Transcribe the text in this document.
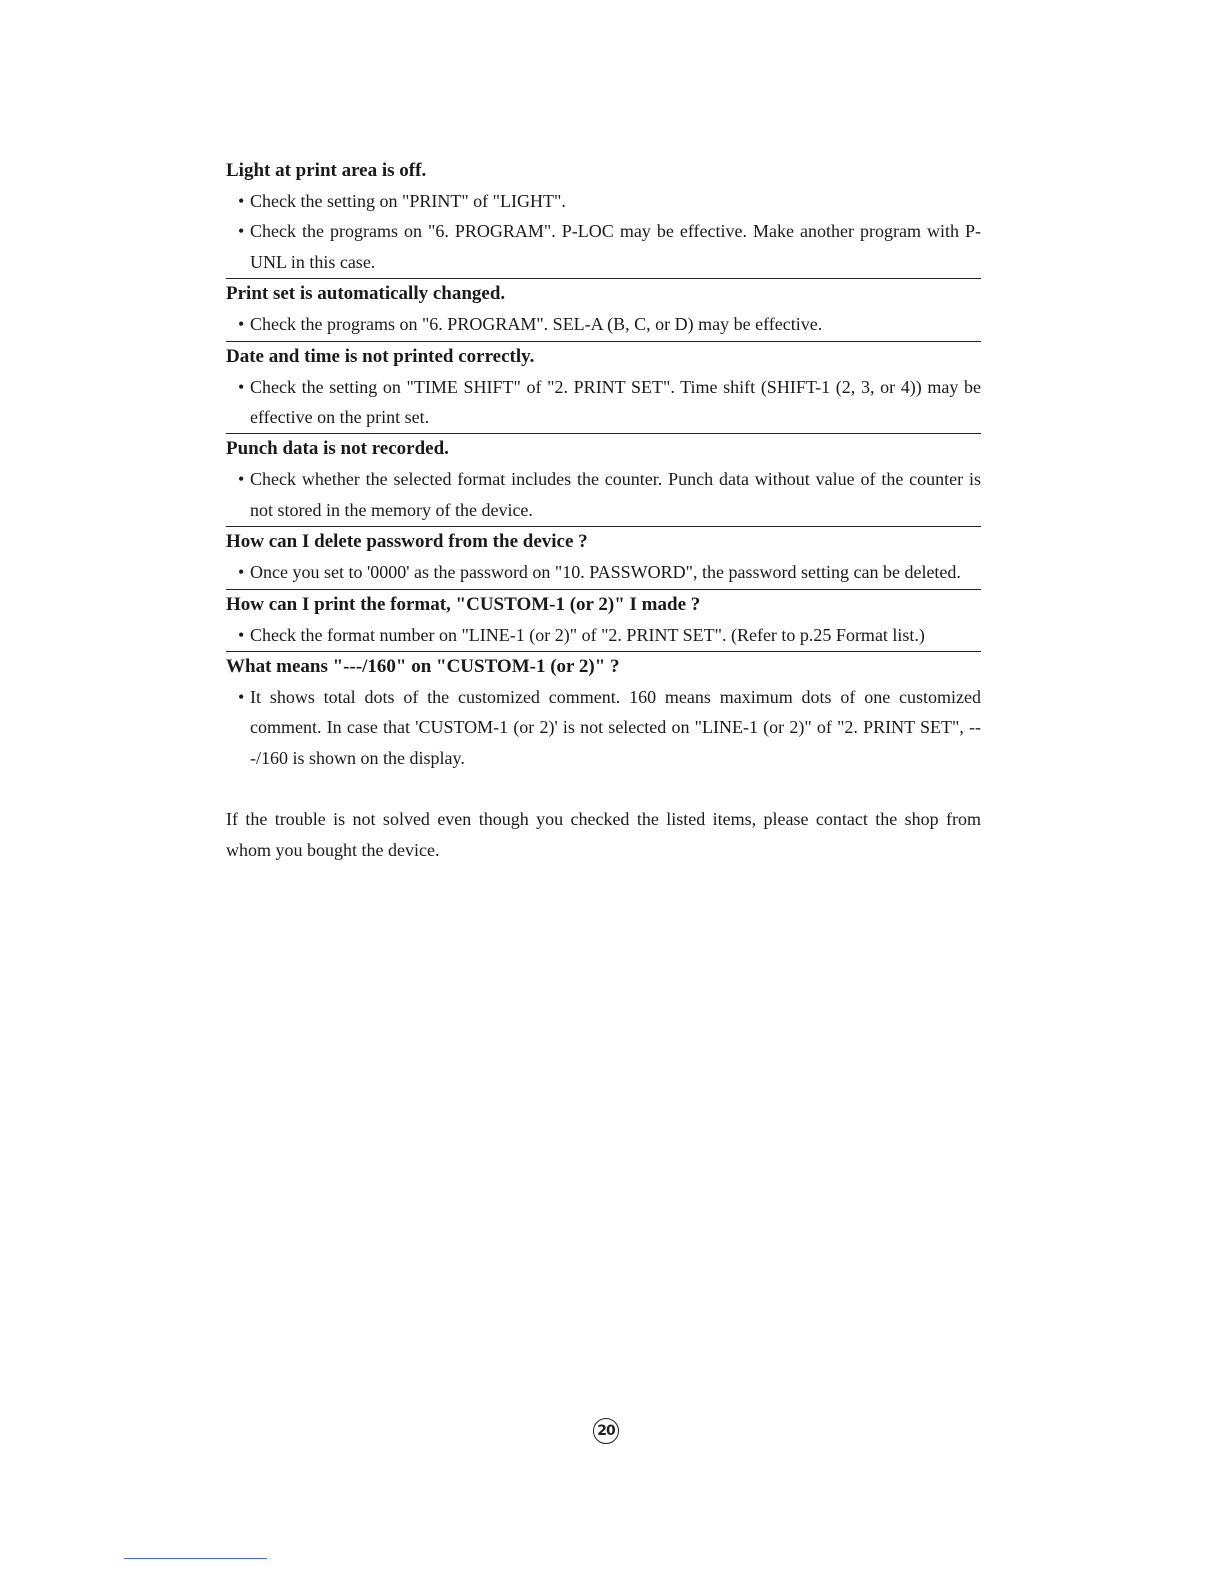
Light at print area is off.
• Check the setting on "PRINT" of "LIGHT".
• Check the programs on "6. PROGRAM". P-LOC may be effective. Make another program with P-UNL in this case.
Print set is automatically changed.
• Check the programs on "6. PROGRAM". SEL-A (B, C, or D) may be effective.
Date and time is not printed correctly.
• Check the setting on "TIME SHIFT" of "2. PRINT SET". Time shift (SHIFT-1 (2, 3, or 4)) may be effective on the print set.
Punch data is not recorded.
• Check whether the selected format includes the counter. Punch data without value of the counter is not stored in the memory of the device.
How can I delete password from the device ?
• Once you set to '0000' as the password on "10. PASSWORD", the password setting can be deleted.
How can I print the format, "CUSTOM-1 (or 2)" I made ?
• Check the format number on "LINE-1 (or 2)" of "2. PRINT SET". (Refer to p.25 Format list.)
What means "---/160" on "CUSTOM-1 (or 2)" ?
• It shows total dots of the customized comment. 160 means maximum dots of one customized comment. In case that 'CUSTOM-1 (or 2)' is not selected on "LINE-1 (or 2)" of "2. PRINT SET", ---/160 is shown on the display.
If the trouble is not solved even though you checked the listed items, please contact the shop from whom you bought the device.
20
